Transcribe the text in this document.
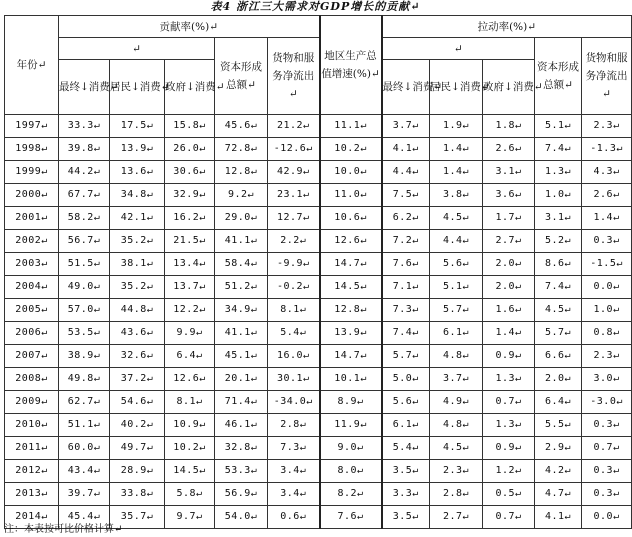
表4 浙江三大需求对GDP增长的贡献↵
年份↵	贡献率(%)↵					地区生产总值增速(%)↵	拉动率(%)↵				
	↵			资本形成总额↵	货物和服务净流出↵		↵			资本形成总额↵	货物和服务净流出↵
	最终↓消费↵	居民↓消费↵	政府↓消费↵				最终↓消费↵	居民↓消费↵	政府↓消费↵		
1997↵	33.3↵	17.5↵	15.8↵	45.6↵	21.2↵	11.1↵	3.7↵	1.9↵	1.8↵	5.1↵	2.3↵
1998↵	39.8↵	13.9↵	26.0↵	72.8↵	-12.6↵	10.2↵	4.1↵	1.4↵	2.6↵	7.4↵	-1.3↵
1999↵	44.2↵	13.6↵	30.6↵	12.8↵	42.9↵	10.0↵	4.4↵	1.4↵	3.1↵	1.3↵	4.3↵
2000↵	67.7↵	34.8↵	32.9↵	9.2↵	23.1↵	11.0↵	7.5↵	3.8↵	3.6↵	1.0↵	2.6↵
2001↵	58.2↵	42.1↵	16.2↵	29.0↵	12.7↵	10.6↵	6.2↵	4.5↵	1.7↵	3.1↵	1.4↵
2002↵	56.7↵	35.2↵	21.5↵	41.1↵	2.2↵	12.6↵	7.2↵	4.4↵	2.7↵	5.2↵	0.3↵
2003↵	51.5↵	38.1↵	13.4↵	58.4↵	-9.9↵	14.7↵	7.6↵	5.6↵	2.0↵	8.6↵	-1.5↵
2004↵	49.0↵	35.2↵	13.7↵	51.2↵	-0.2↵	14.5↵	7.1↵	5.1↵	2.0↵	7.4↵	0.0↵
2005↵	57.0↵	44.8↵	12.2↵	34.9↵	8.1↵	12.8↵	7.3↵	5.7↵	1.6↵	4.5↵	1.0↵
2006↵	53.5↵	43.6↵	9.9↵	41.1↵	5.4↵	13.9↵	7.4↵	6.1↵	1.4↵	5.7↵	0.8↵
2007↵	38.9↵	32.6↵	6.4↵	45.1↵	16.0↵	14.7↵	5.7↵	4.8↵	0.9↵	6.6↵	2.3↵
2008↵	49.8↵	37.2↵	12.6↵	20.1↵	30.1↵	10.1↵	5.0↵	3.7↵	1.3↵	2.0↵	3.0↵
2009↵	62.7↵	54.6↵	8.1↵	71.4↵	-34.0↵	8.9↵	5.6↵	4.9↵	0.7↵	6.4↵	-3.0↵
2010↵	51.1↵	40.2↵	10.9↵	46.1↵	2.8↵	11.9↵	6.1↵	4.8↵	1.3↵	5.5↵	0.3↵
2011↵	60.0↵	49.7↵	10.2↵	32.8↵	7.3↵	9.0↵	5.4↵	4.5↵	0.9↵	2.9↵	0.7↵
2012↵	43.4↵	28.9↵	14.5↵	53.3↵	3.4↵	8.0↵	3.5↵	2.3↵	1.2↵	4.2↵	0.3↵
2013↵	39.7↵	33.8↵	5.8↵	56.9↵	3.4↵	8.2↵	3.3↵	2.8↵	0.5↵	4.7↵	0.3↵
2014↵	45.4↵	35.7↵	9.7↵	54.0↵	0.6↵	7.6↵	3.5↵	2.7↵	0.7↵	4.1↵	0.0↵
注：本表按可比价格计算↵
